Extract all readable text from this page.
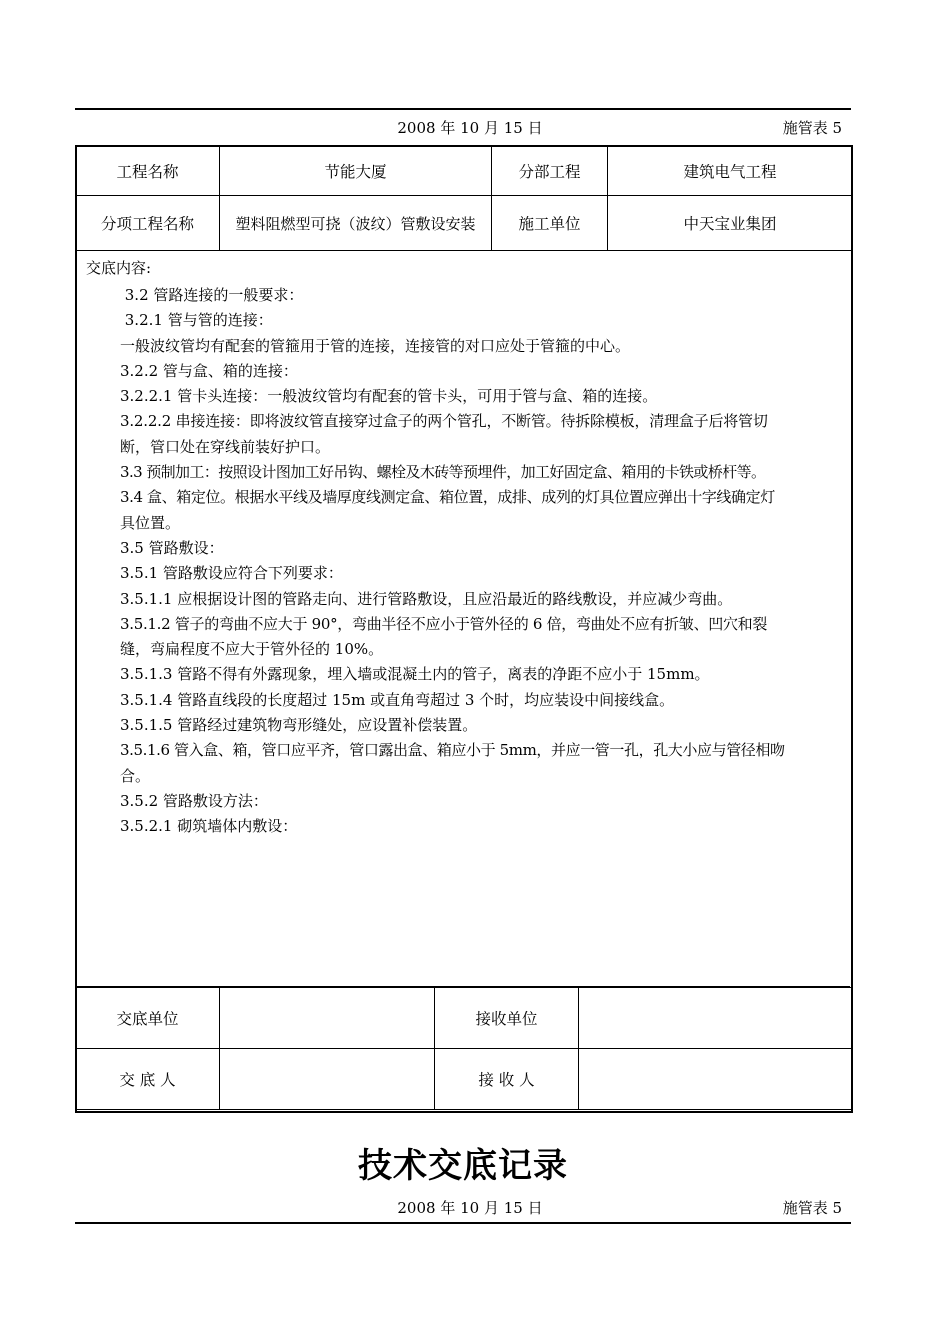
2008 年 10 月 15 日	施管表 5
工程名称	节能大厦	分部工程	建筑电气工程
分项工程名称	塑料阻燃型可挠（波纹）管敷设安装	施工单位	中天宝业集团
交底内容:

3.2 管路连接的一般要求：

3.2.1 管与管的连接：

一般波纹管均有配套的管箍用于管的连接，连接管的对口应处于管箍的中心。

3.2.2 管与盒、箱的连接：

3.2.2.1 管卡头连接：一般波纹管均有配套的管卡头，可用于管与盒、箱的连接。

3.2.2.2 串接连接：即将波纹管直接穿过盒子的两个管孔，不断管。待拆除模板，清理盒子后将管切

断，管口处在穿线前装好护口。

3.3 预制加工：按照设计图加工好吊钩、螺栓及木砖等预埋件，加工好固定盒、箱用的卡铁或桥杆等。

3.4 盒、箱定位。根据水平线及墙厚度线测定盒、箱位置，成排、成列的灯具位置应弹出十字线确定灯

具位置。

3.5 管路敷设：

3.5.1 管路敷设应符合下列要求：

3.5.1.1 应根据设计图的管路走向、进行管路敷设，且应沿最近的路线敷设，并应减少弯曲。

3.5.1.2 管子的弯曲不应大于 90°，弯曲半径不应小于管外径的 6 倍，弯曲处不应有折皱、凹穴和裂

缝，弯扁程度不应大于管外径的 10%。

3.5.1.3 管路不得有外露现象，埋入墙或混凝土内的管子，离表的净距不应小于 15mm。

3.5.1.4 管路直线段的长度超过 15m 或直角弯超过 3 个时，均应装设中间接线盒。

3.5.1.5 管路经过建筑物弯形缝处，应设置补偿装置。

3.5.1.6 管入盒、箱，管口应平齐，管口露出盒、箱应小于 5mm，并应一管一孔，孔大小应与管径相吻

合。

3.5.2 管路敷设方法：

3.5.2.1 砌筑墙体内敷设：

交底单位		接收单位	
交 底 人		接 收 人	
技术交底记录
2008 年 10 月 15 日	施管表 5
